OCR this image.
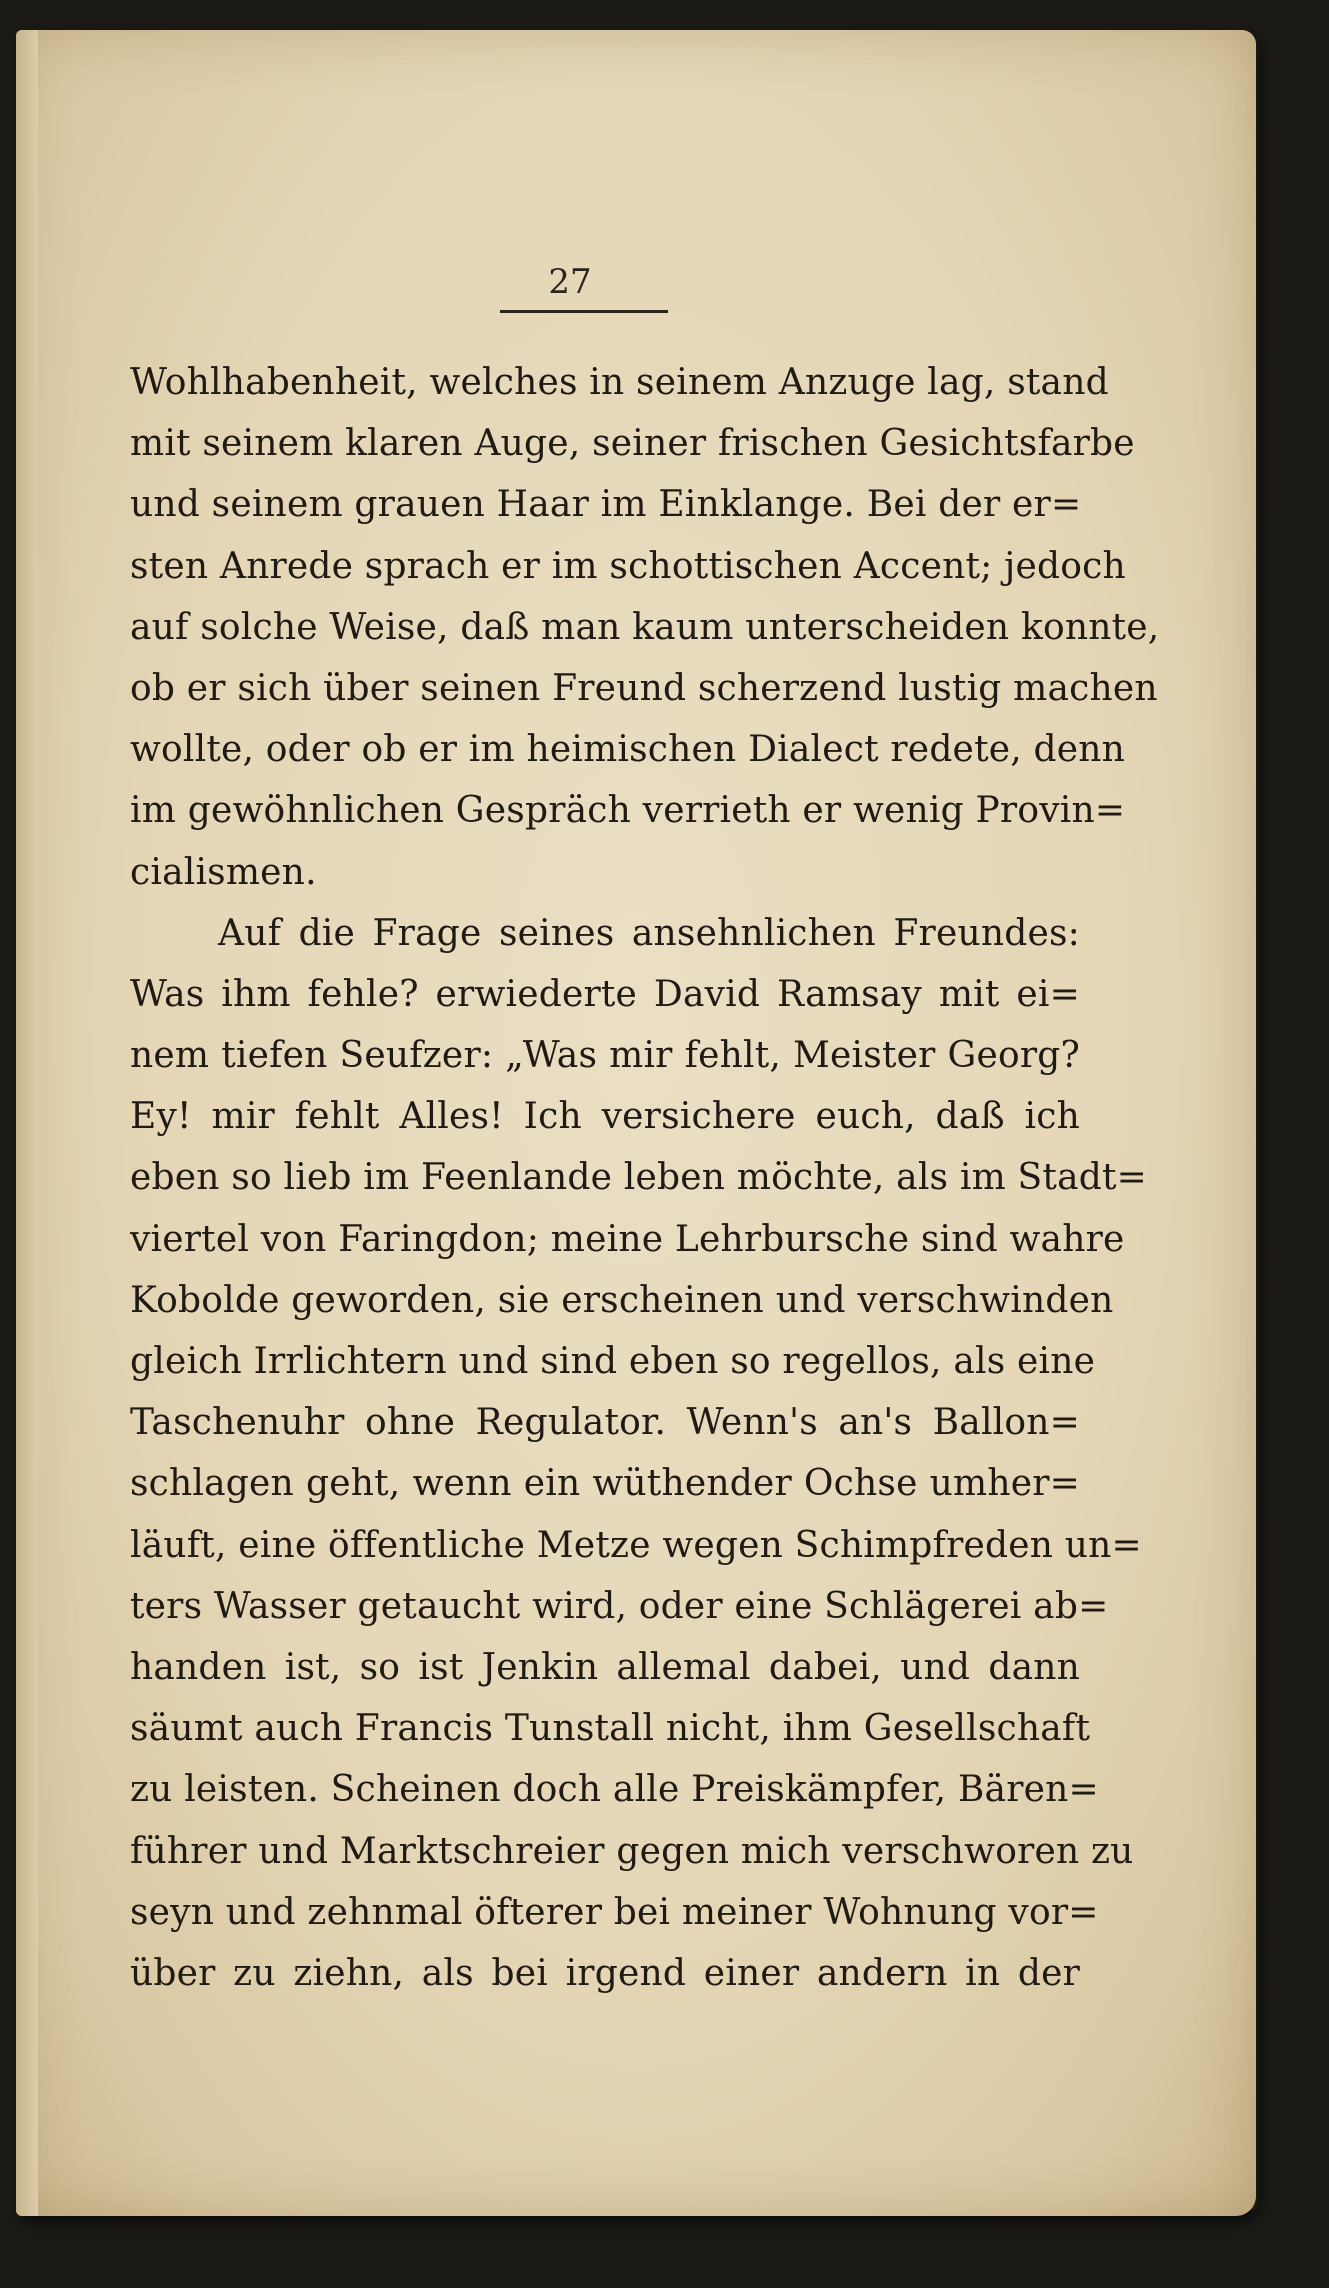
27
Wohlhabenheit, welches in seinem Anzuge lag, stand
mit seinem klaren Auge, seiner frischen Gesichtsfarbe
und seinem grauen Haar im Einklange. Bei der er=
sten Anrede sprach er im schottischen Accent; jedoch
auf solche Weise, daß man kaum unterscheiden konnte,
ob er sich über seinen Freund scherzend lustig machen
wollte, oder ob er im heimischen Dialect redete, denn
im gewöhnlichen Gespräch verrieth er wenig Provin=
cialismen.
Auf die Frage seines ansehnlichen Freundes:
Was ihm fehle? erwiederte David Ramsay mit ei=
nem tiefen Seufzer: „Was mir fehlt, Meister Georg?
Ey! mir fehlt Alles! Ich versichere euch, daß ich
eben so lieb im Feenlande leben möchte, als im Stadt=
viertel von Faringdon; meine Lehrbursche sind wahre
Kobolde geworden, sie erscheinen und verschwinden
gleich Irrlichtern und sind eben so regellos, als eine
Taschenuhr ohne Regulator. Wenn's an's Ballon=
schlagen geht, wenn ein wüthender Ochse umher=
läuft, eine öffentliche Metze wegen Schimpfreden un=
ters Wasser getaucht wird, oder eine Schlägerei ab=
handen ist, so ist Jenkin allemal dabei, und dann
säumt auch Francis Tunstall nicht, ihm Gesellschaft
zu leisten. Scheinen doch alle Preiskämpfer, Bären=
führer und Marktschreier gegen mich verschworen zu
seyn und zehnmal öfterer bei meiner Wohnung vor=
über zu ziehn, als bei irgend einer andern in der
